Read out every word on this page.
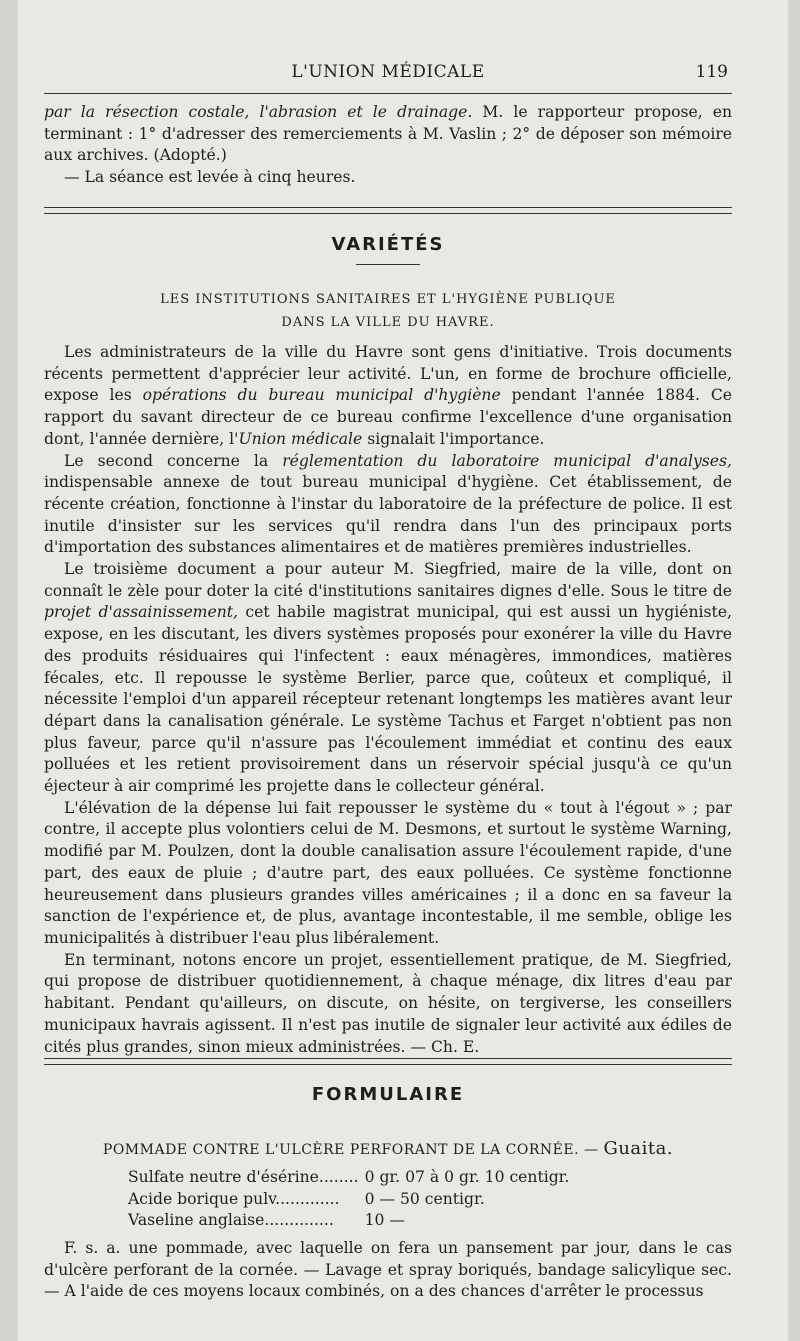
L'UNION MÉDICALE	119

par la résection costale, l'abrasion et le drainage. M. le rapporteur propose, en terminant : 1° d'adresser des remerciements à M. Vaslin ; 2° de déposer son mémoire aux archives. (Adopté.)

— La séance est levée à cinq heures.

VARIÉTÉS
LES INSTITUTIONS SANITAIRES ET L'HYGIÈNE PUBLIQUE
DANS LA VILLE DU HAVRE.

Les administrateurs de la ville du Havre sont gens d'initiative. Trois documents récents permettent d'apprécier leur activité. L'un, en forme de brochure officielle, expose les opérations du bureau municipal d'hygiène pendant l'année 1884. Ce rapport du savant directeur de ce bureau confirme l'excellence d'une organisation dont, l'année dernière, l'Union médicale signalait l'importance.

Le second concerne la réglementation du laboratoire municipal d'analyses, indispensable annexe de tout bureau municipal d'hygiène. Cet établissement, de récente création, fonctionne à l'instar du laboratoire de la préfecture de police. Il est inutile d'insister sur les services qu'il rendra dans l'un des principaux ports d'importation des substances alimentaires et de matières premières industrielles.

Le troisième document a pour auteur M. Siegfried, maire de la ville, dont on connaît le zèle pour doter la cité d'institutions sanitaires dignes d'elle. Sous le titre de projet d'assainissement, cet habile magistrat municipal, qui est aussi un hygiéniste, expose, en les discutant, les divers systèmes proposés pour exonérer la ville du Havre des produits résiduaires qui l'infectent : eaux ménagères, immondices, matières fécales, etc. Il repousse le système Berlier, parce que, coûteux et compliqué, il nécessite l'emploi d'un appareil récepteur retenant longtemps les matières avant leur départ dans la canalisation générale. Le système Tachus et Farget n'obtient pas non plus faveur, parce qu'il n'assure pas l'écoulement immédiat et continu des eaux polluées et les retient provisoirement dans un réservoir spécial jusqu'à ce qu'un éjecteur à air comprimé les projette dans le collecteur général.

L'élévation de la dépense lui fait repousser le système du « tout à l'égout » ; par contre, il accepte plus volontiers celui de M. Desmons, et surtout le système Warning, modifié par M. Poulzen, dont la double canalisation assure l'écoulement rapide, d'une part, des eaux de pluie ; d'autre part, des eaux polluées. Ce système fonctionne heureusement dans plusieurs grandes villes américaines ; il a donc en sa faveur la sanction de l'expérience et, de plus, avantage incontestable, il me semble, oblige les municipalités à distribuer l'eau plus libéralement.

En terminant, notons encore un projet, essentiellement pratique, de M. Siegfried, qui propose de distribuer quotidiennement, à chaque ménage, dix litres d'eau par habitant. Pendant qu'ailleurs, on discute, on hésite, on tergiverse, les conseillers municipaux havrais agissent. Il n'est pas inutile de signaler leur activité aux édiles de cités plus grandes, sinon mieux administrées. — Ch. E.

FORMULAIRE
POMMADE CONTRE L'ULCÈRE PERFORANT DE LA CORNÉE. — Guaita.
Sulfate neutre d'ésérine........	0 gr. 07 à 0 gr. 10 centigr.
Acide borique pulv.............	0 — 50 centigr.
Vaseline anglaise..............	10 —

F. s. a. une pommade, avec laquelle on fera un pansement par jour, dans le cas d'ulcère perforant de la cornée. — Lavage et spray boriqués, bandage salicylique sec. — A l'aide de ces moyens locaux combinés, on a des chances d'arrêter le processus
